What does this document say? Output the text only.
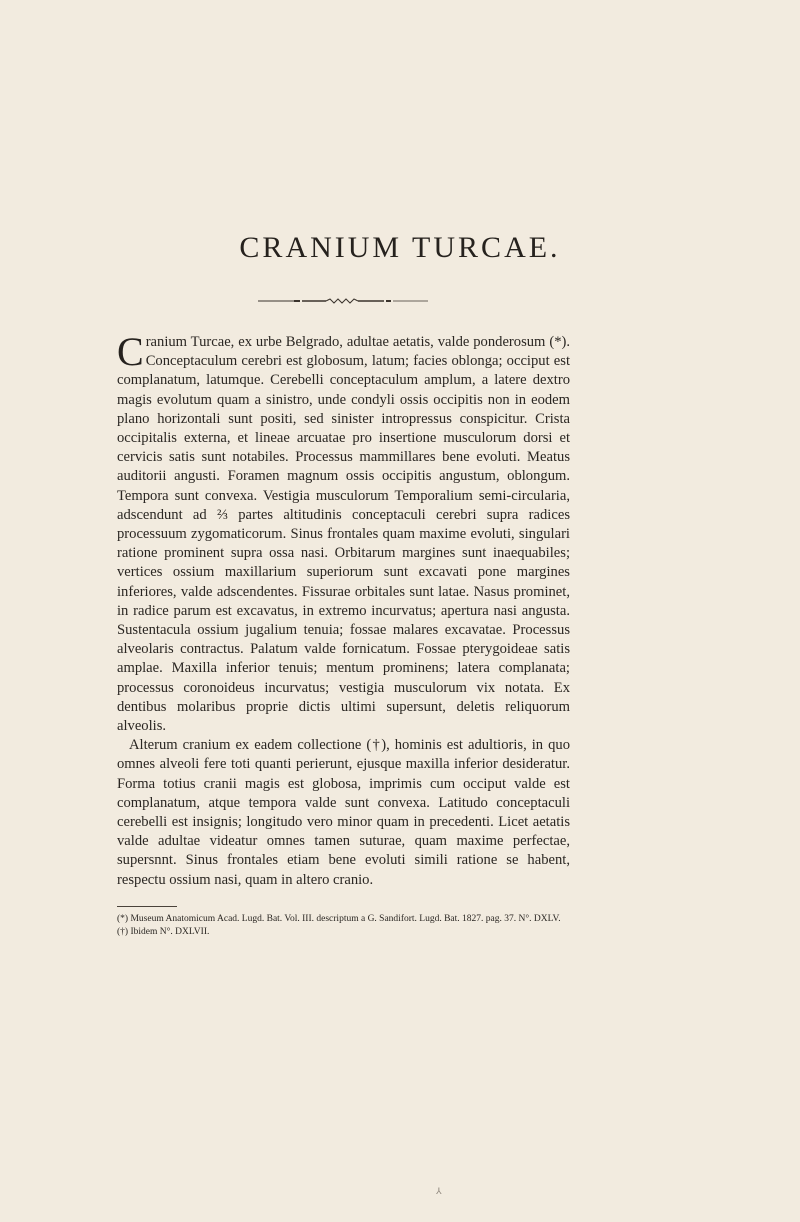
CRANIUM TURCAE.

Cranium Turcae, ex urbe Belgrado, adultae aetatis, valde ponderosum (*). Conceptaculum cerebri est globosum, latum; facies oblonga; occiput est complanatum, latumque. Cerebelli conceptaculum amplum, a latere dextro magis evolutum quam a sinistro, unde condyli ossis occipitis non in eodem plano horizontali sunt positi, sed sinister intropressus conspicitur. Crista occipitalis externa, et lineae arcuatae pro insertione musculorum dorsi et cervicis satis sunt notabiles. Processus mammillares bene evoluti. Meatus auditorii angusti. Foramen magnum ossis occipitis angustum, oblongum. Tempora sunt convexa. Vestigia musculorum Temporalium semi-circularia, adscendunt ad ⅔ partes altitudinis conceptaculi cerebri supra radices processuum zygomaticorum. Sinus frontales quam maxime evoluti, singulari ratione prominent supra ossa nasi. Orbitarum margines sunt inaequabiles; vertices ossium maxillarium superiorum sunt excavati pone margines inferiores, valde adscendentes. Fissurae orbitales sunt latae. Nasus prominet, in radice parum est excavatus, in extremo incurvatus; apertura nasi angusta. Sustentacula ossium jugalium tenuia; fossae malares excavatae. Processus alveolaris contractus. Palatum valde fornicatum. Fossae pterygoideae satis amplae. Maxilla inferior tenuis; mentum prominens; latera complanata; processus coronoideus incurvatus; vestigia musculorum vix notata. Ex dentibus molaribus proprie dictis ultimi supersunt, deletis reliquorum alveolis.

Alterum cranium ex eadem collectione (†), hominis est adultioris, in quo omnes alveoli fere toti quanti perierunt, ejusque maxilla inferior desideratur. Forma totius cranii magis est globosa, imprimis cum occiput valde est complanatum, atque tempora valde sunt convexa. Latitudo conceptaculi cerebelli est insignis; longitudo vero minor quam in precedenti. Licet aetatis valde adultae videatur omnes tamen suturae, quam maxime perfectae, supersnnt. Sinus frontales etiam bene evoluti simili ratione se habent, respectu ossium nasi, quam in altero cranio.

(*) Museum Anatomicum Acad. Lugd. Bat. Vol. III. descriptum a G. Sandifort. Lugd. Bat. 1827. pag. 37. N°. DXLV.

(†) Ibidem N°. DXLVII.

⅄
